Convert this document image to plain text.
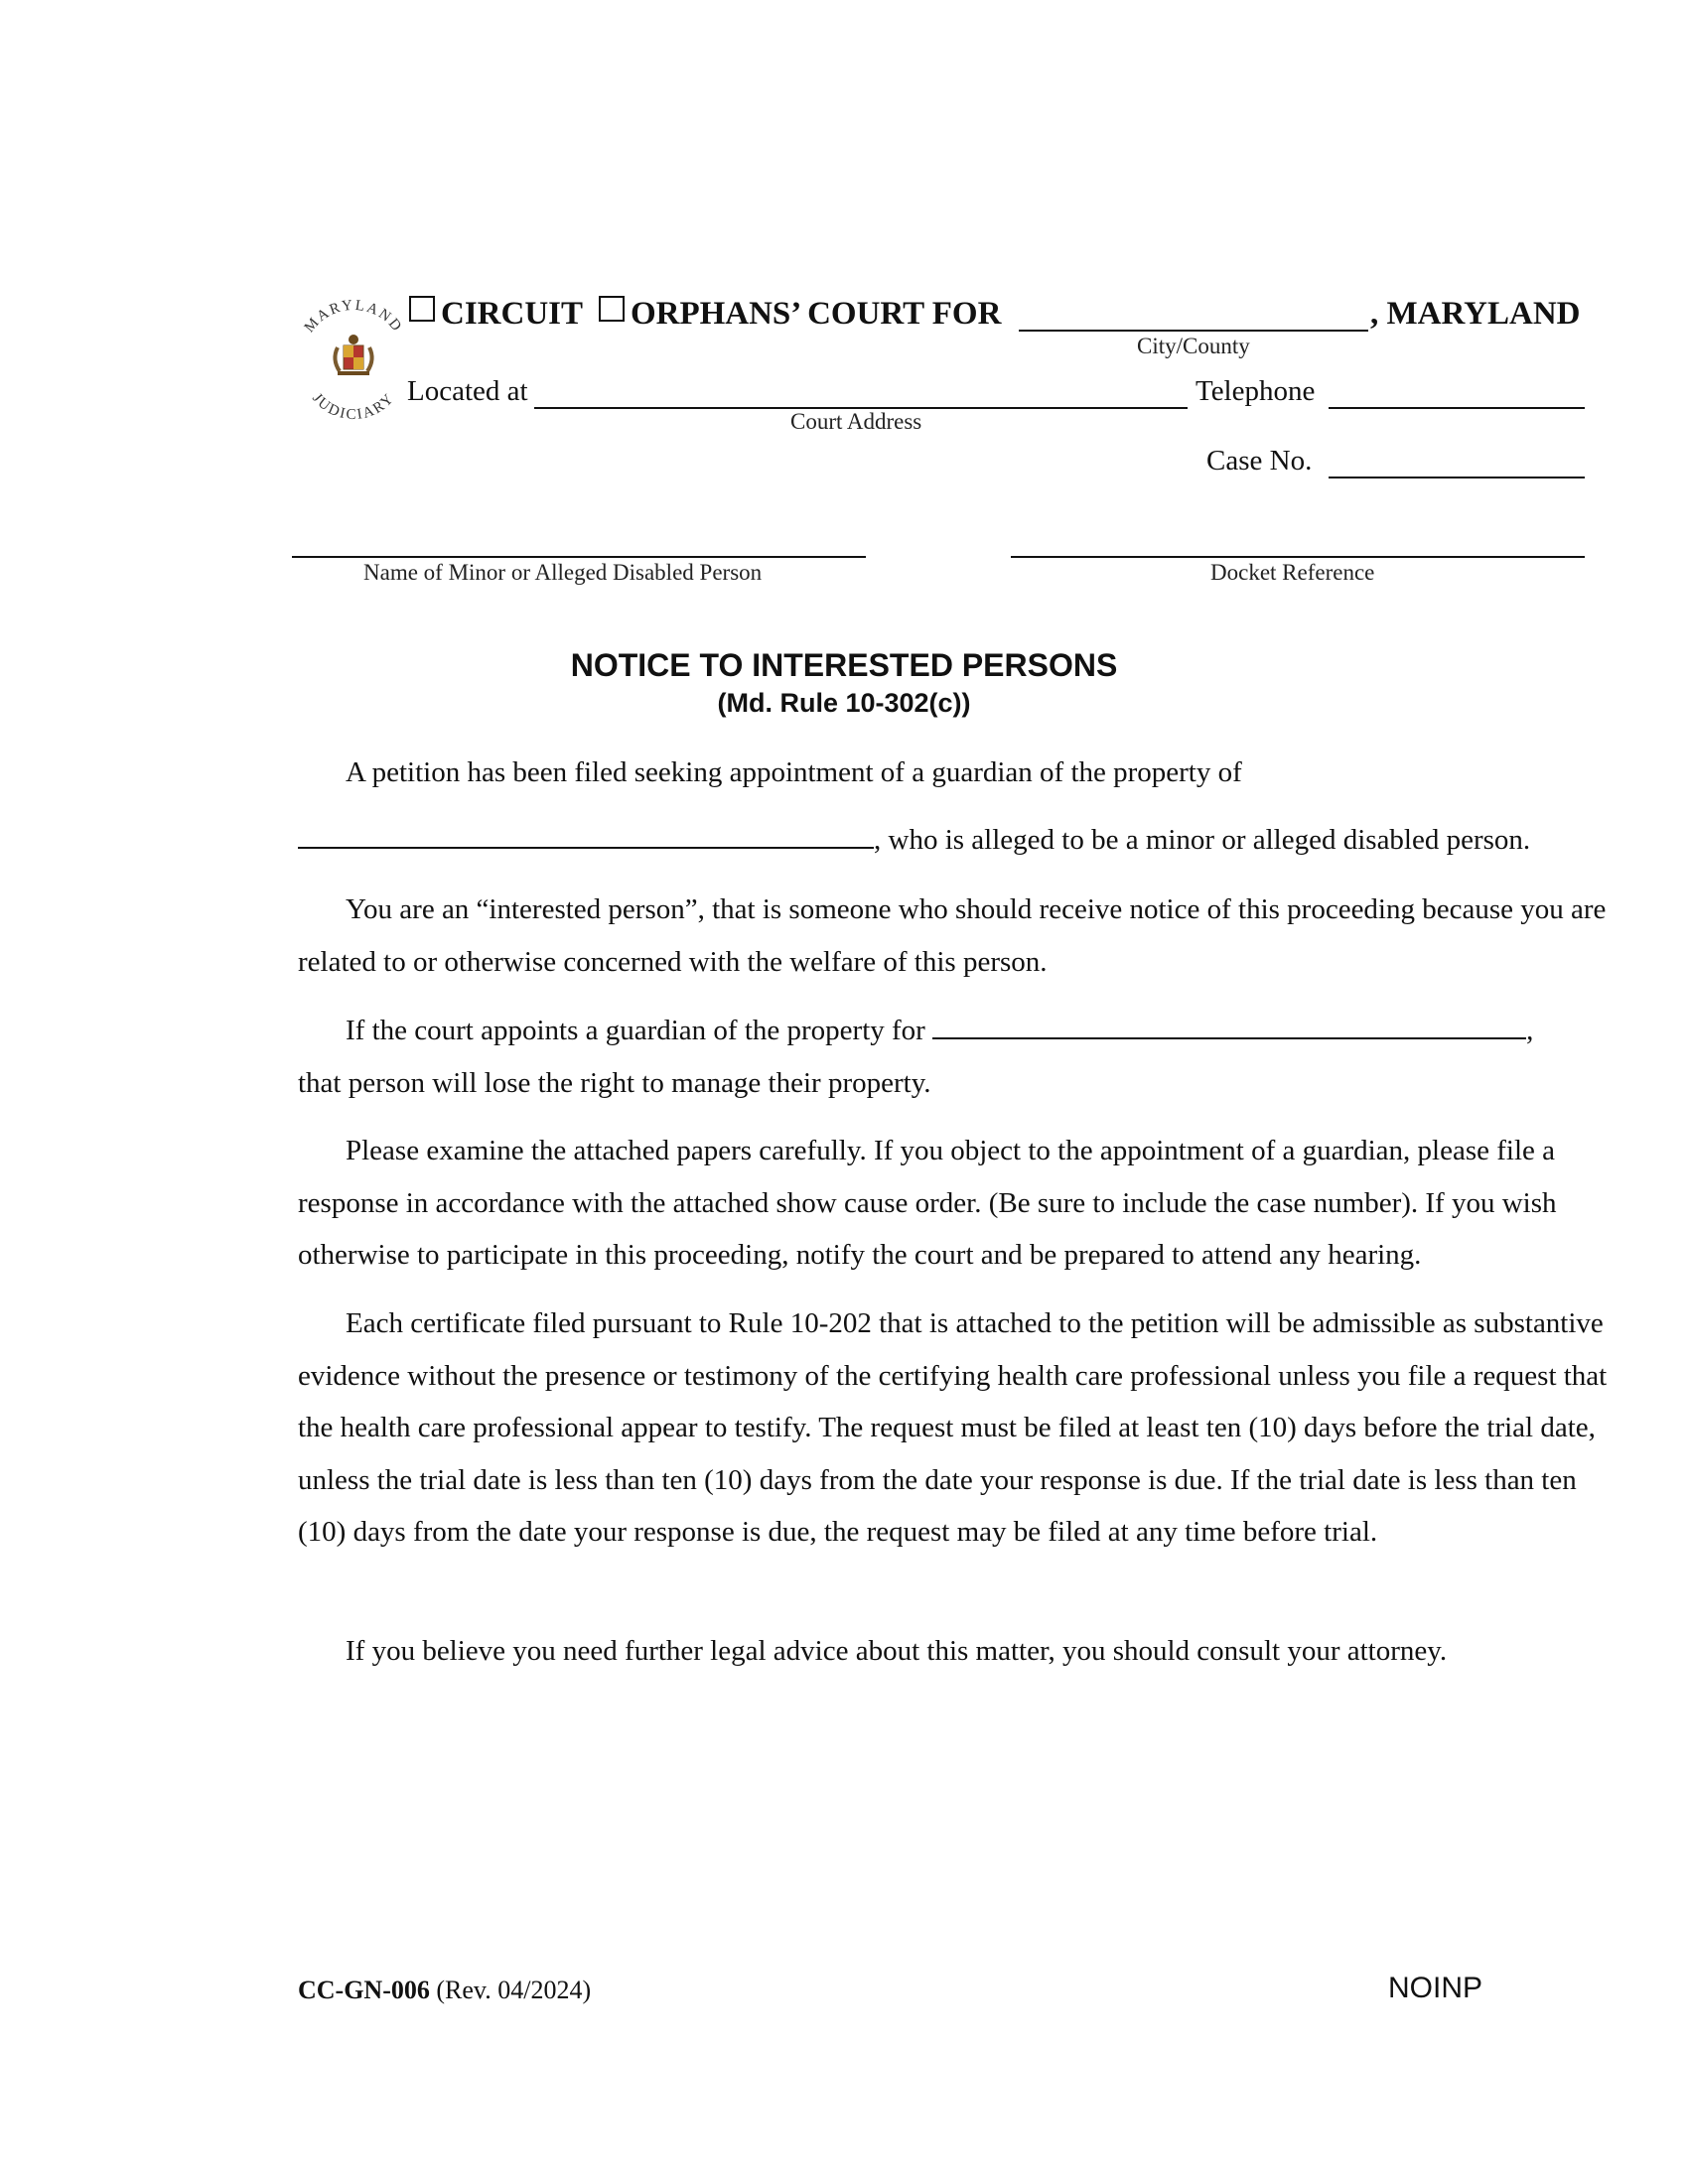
MARYLAND
JUDICIARY
CIRCUIT ORPHANS’ COURT FOR	, MARYLAND
City/County
Located at
Court Address
Telephone
Case No.
Name of Minor or Alleged Disabled Person	Docket Reference
NOTICE TO INTERESTED PERSONS
(Md. Rule 10-302(c))
A petition has been filed seeking appointment of a guardian of the property of
, who is alleged to be a minor or alleged disabled person.
You are an “interested person”, that is someone who should receive notice of this proceeding because you are related to or otherwise concerned with the welfare of this person.
If the court appoints a guardian of the property for	,
that person will lose the right to manage their property.
Please examine the attached papers carefully. If you object to the appointment of a guardian, please file a response in accordance with the attached show cause order. (Be sure to include the case number). If you wish otherwise to participate in this proceeding, notify the court and be prepared to attend any hearing.
Each certificate filed pursuant to Rule 10-202 that is attached to the petition will be admissible as substantive evidence without the presence or testimony of the certifying health care professional unless you file a request that the health care professional appear to testify. The request must be filed at least ten (10) days before the trial date, unless the trial date is less than ten (10) days from the date your response is due. If the trial date is less than ten (10) days from the date your response is due, the request may be filed at any time before trial.
If you believe you need further legal advice about this matter, you should consult your attorney.
CC-GN-006 (Rev. 04/2024)	NOINP
